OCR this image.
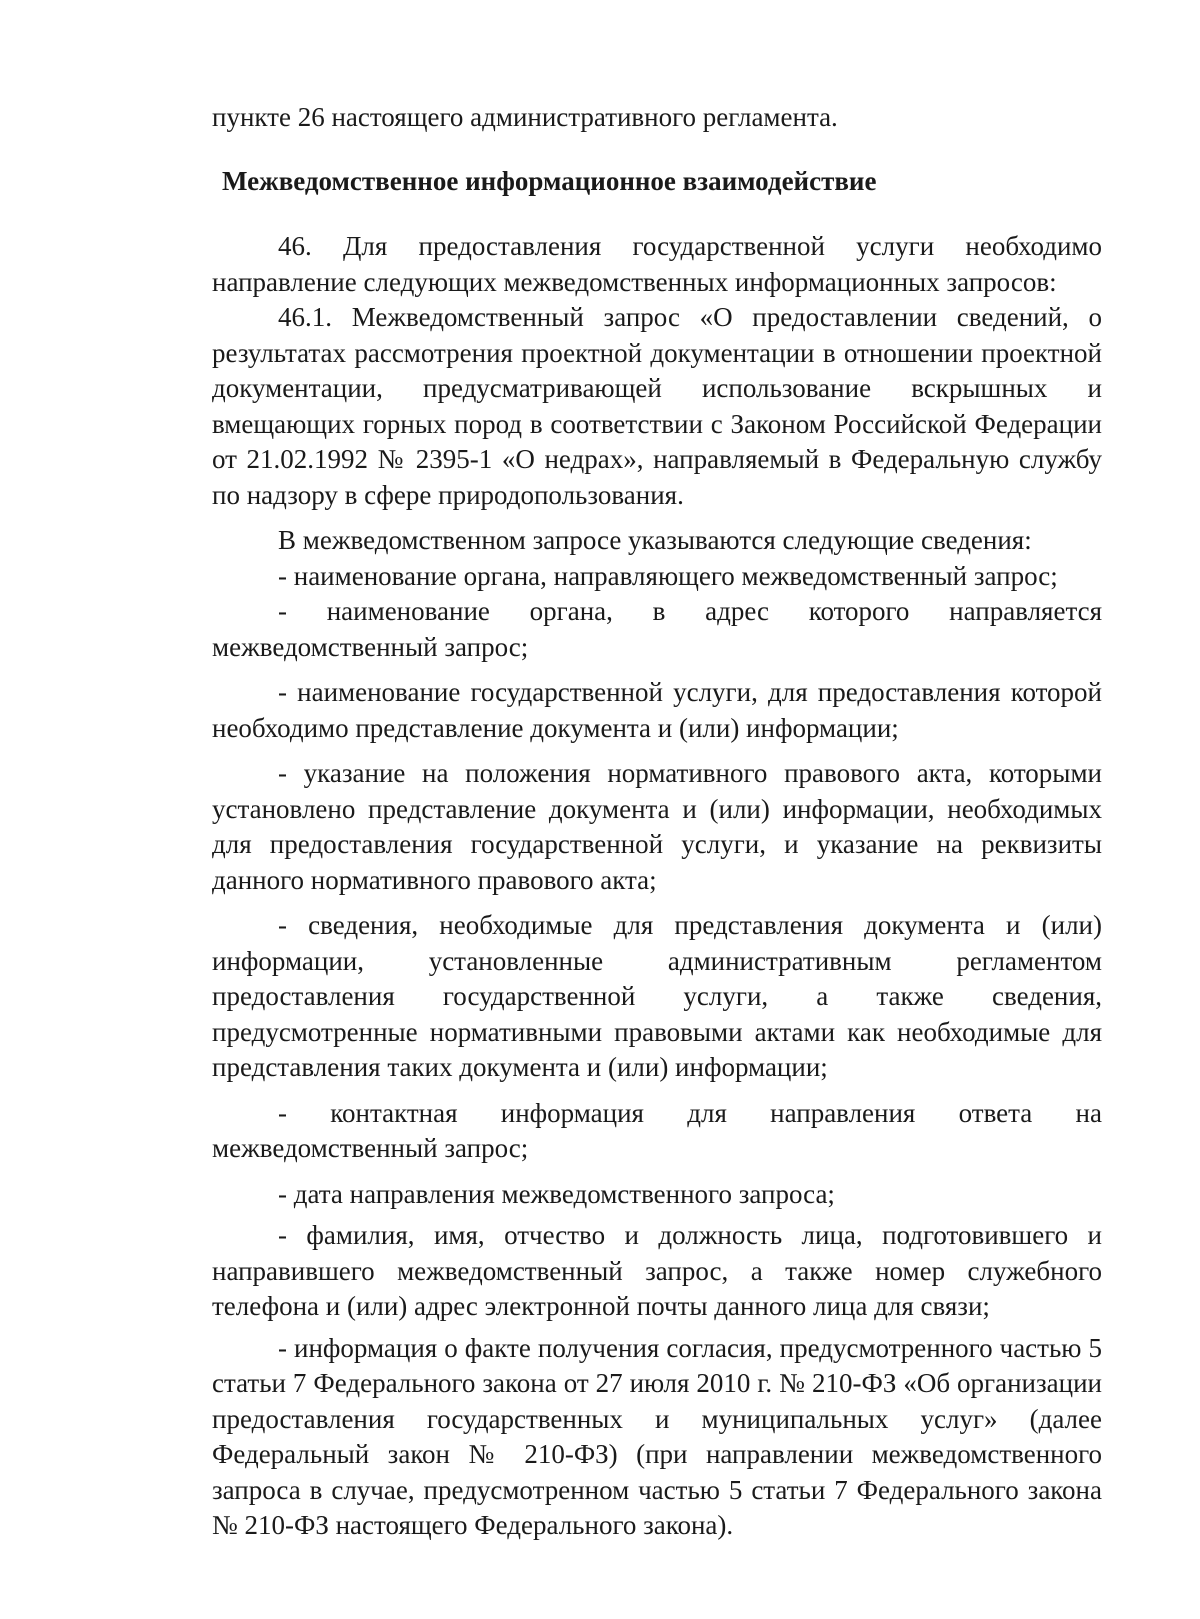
пункте 26 настоящего административного регламента.

Межведомственное информационное взаимодействие

46. Для предоставления государственной услуги необходимо направление следующих межведомственных информационных запросов:

46.1. Межведомственный запрос «О предоставлении сведений, о результатах рассмотрения проектной документации в отношении проектной документации, предусматривающей использование вскрышных и вмещающих горных пород в соответствии с Законом Российской Федерации от 21.02.1992 № 2395-1 «О недрах», направляемый в Федеральную службу по надзору в сфере природопользования.

В межведомственном запросе указываются следующие сведения:

- наименование органа, направляющего межведомственный запрос;

- наименование органа, в адрес которого направляется межведомственный запрос;

- наименование государственной услуги, для предоставления которой необходимо представление документа и (или) информации;

- указание на положения нормативного правового акта, которыми установлено представление документа и (или) информации, необходимых для предоставления государственной услуги, и указание на реквизиты данного нормативного правового акта;

- сведения, необходимые для представления документа и (или) информации, установленные административным регламентом предоставления государственной услуги, а также сведения, предусмотренные нормативными правовыми актами как необходимые для представления таких документа и (или) информации;

- контактная информация для направления ответа на межведомственный запрос;

- дата направления межведомственного запроса;

- фамилия, имя, отчество и должность лица, подготовившего и направившего межведомственный запрос, а также номер служебного телефона и (или) адрес электронной почты данного лица для связи;

- информация о факте получения согласия, предусмотренного частью 5 статьи 7 Федерального закона от 27 июля 2010 г. № 210-ФЗ «Об организации предоставления государственных и муниципальных услуг» (далее Федеральный закон № 210-ФЗ) (при направлении межведомственного запроса в случае, предусмотренном частью 5 статьи 7 Федерального закона № 210-ФЗ настоящего Федерального закона).
